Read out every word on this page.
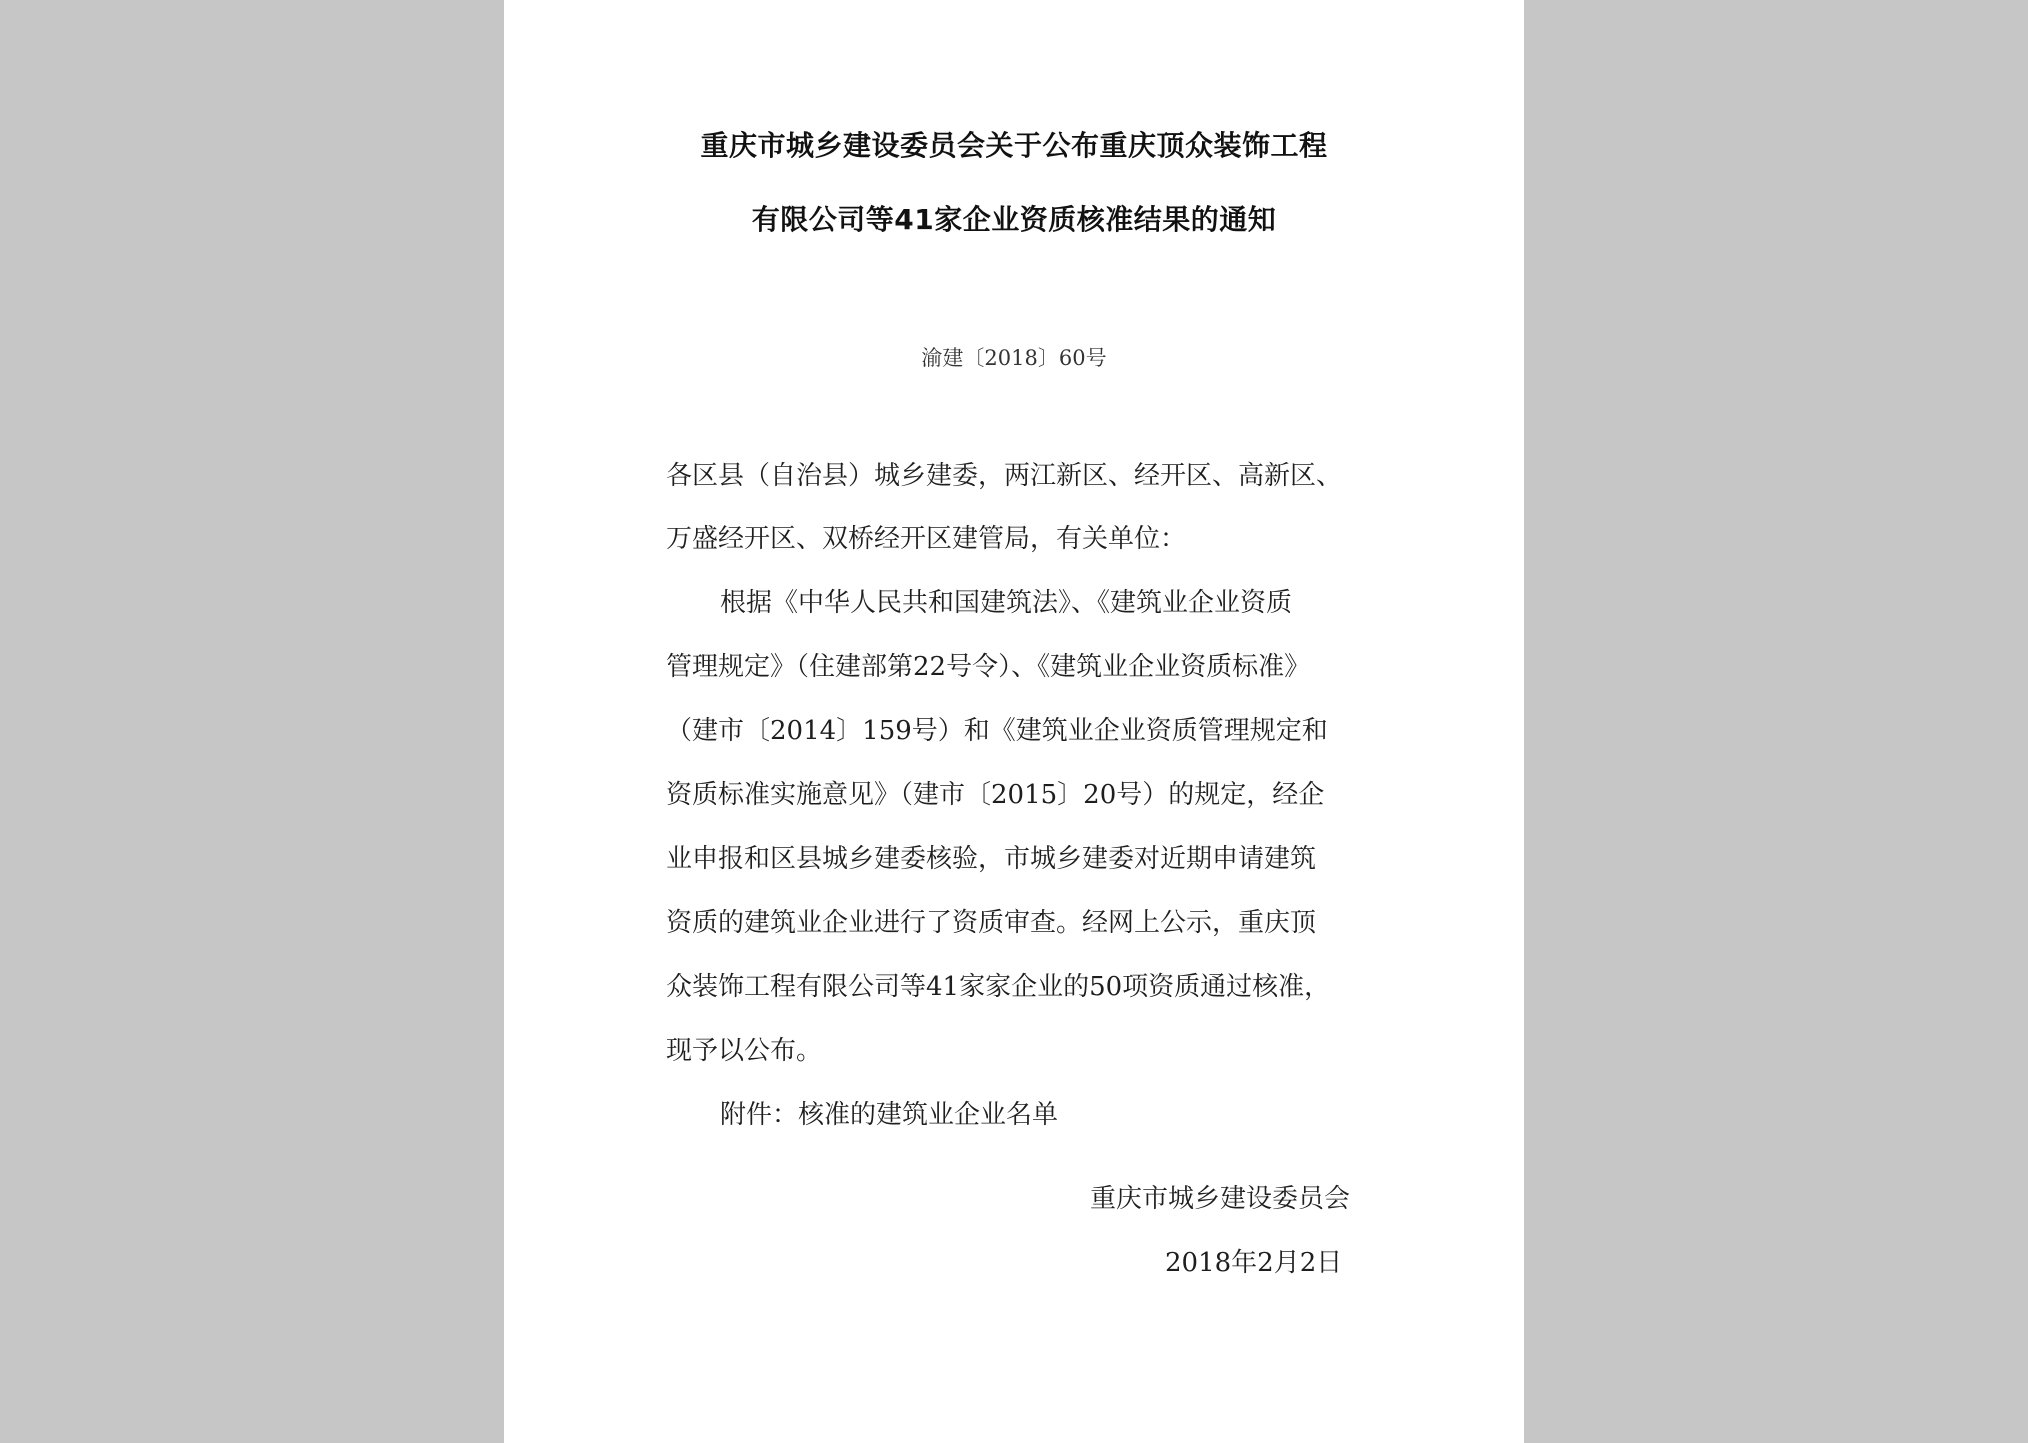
重庆市城乡建设委员会关于公布重庆顶众装饰工程
有限公司等41家企业资质核准结果的通知
渝建〔2018〕60号
各区县（自治县）城乡建委，两江新区、经开区、高新区、
万盛经开区、双桥经开区建管局，有关单位：
根据《中华人民共和国建筑法》、《建筑业企业资质
管理规定》（住建部第22号令）、《建筑业企业资质标准》
（建市〔2014〕159号）和《建筑业企业资质管理规定和
资质标准实施意见》（建市〔2015〕20号）的规定，经企
业申报和区县城乡建委核验，市城乡建委对近期申请建筑
资质的建筑业企业进行了资质审查。经网上公示，重庆顶
众装饰工程有限公司等41家家企业的50项资质通过核准，
现予以公布。
附件：核准的建筑业企业名单
重庆市城乡建设委员会
2018年2月2日
